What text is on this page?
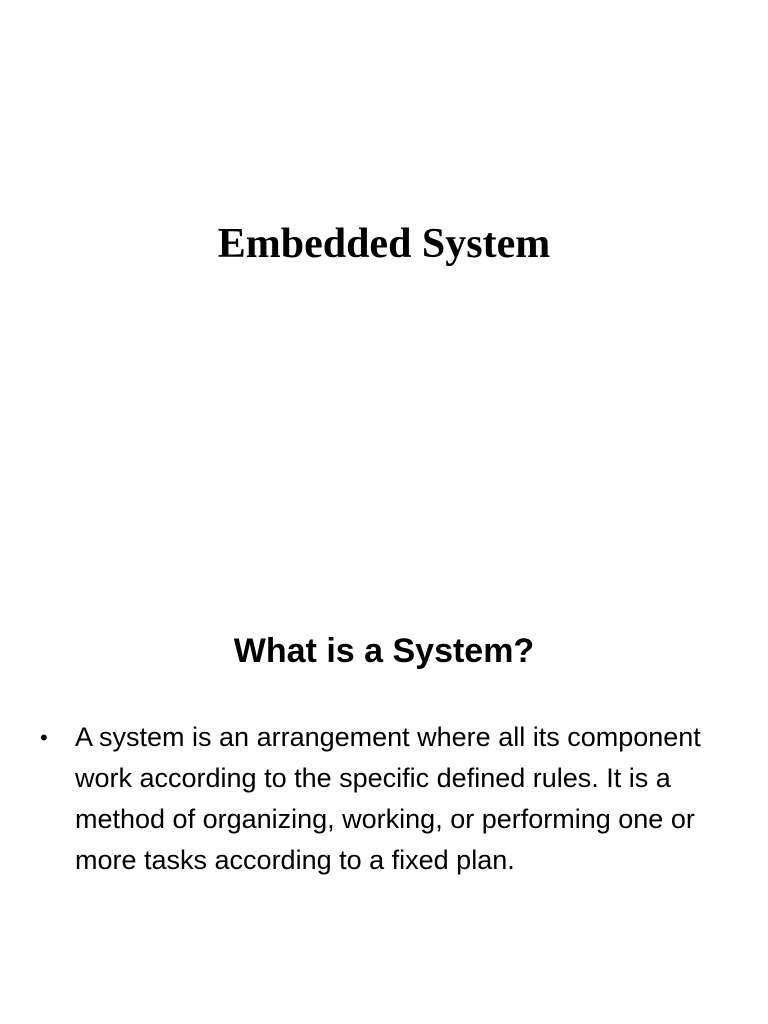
Embedded System
What is a System?
•	A system is an arrangement where all its component work according to the specific defined rules. It is a method of organizing, working, or performing one or more tasks according to a fixed plan.
